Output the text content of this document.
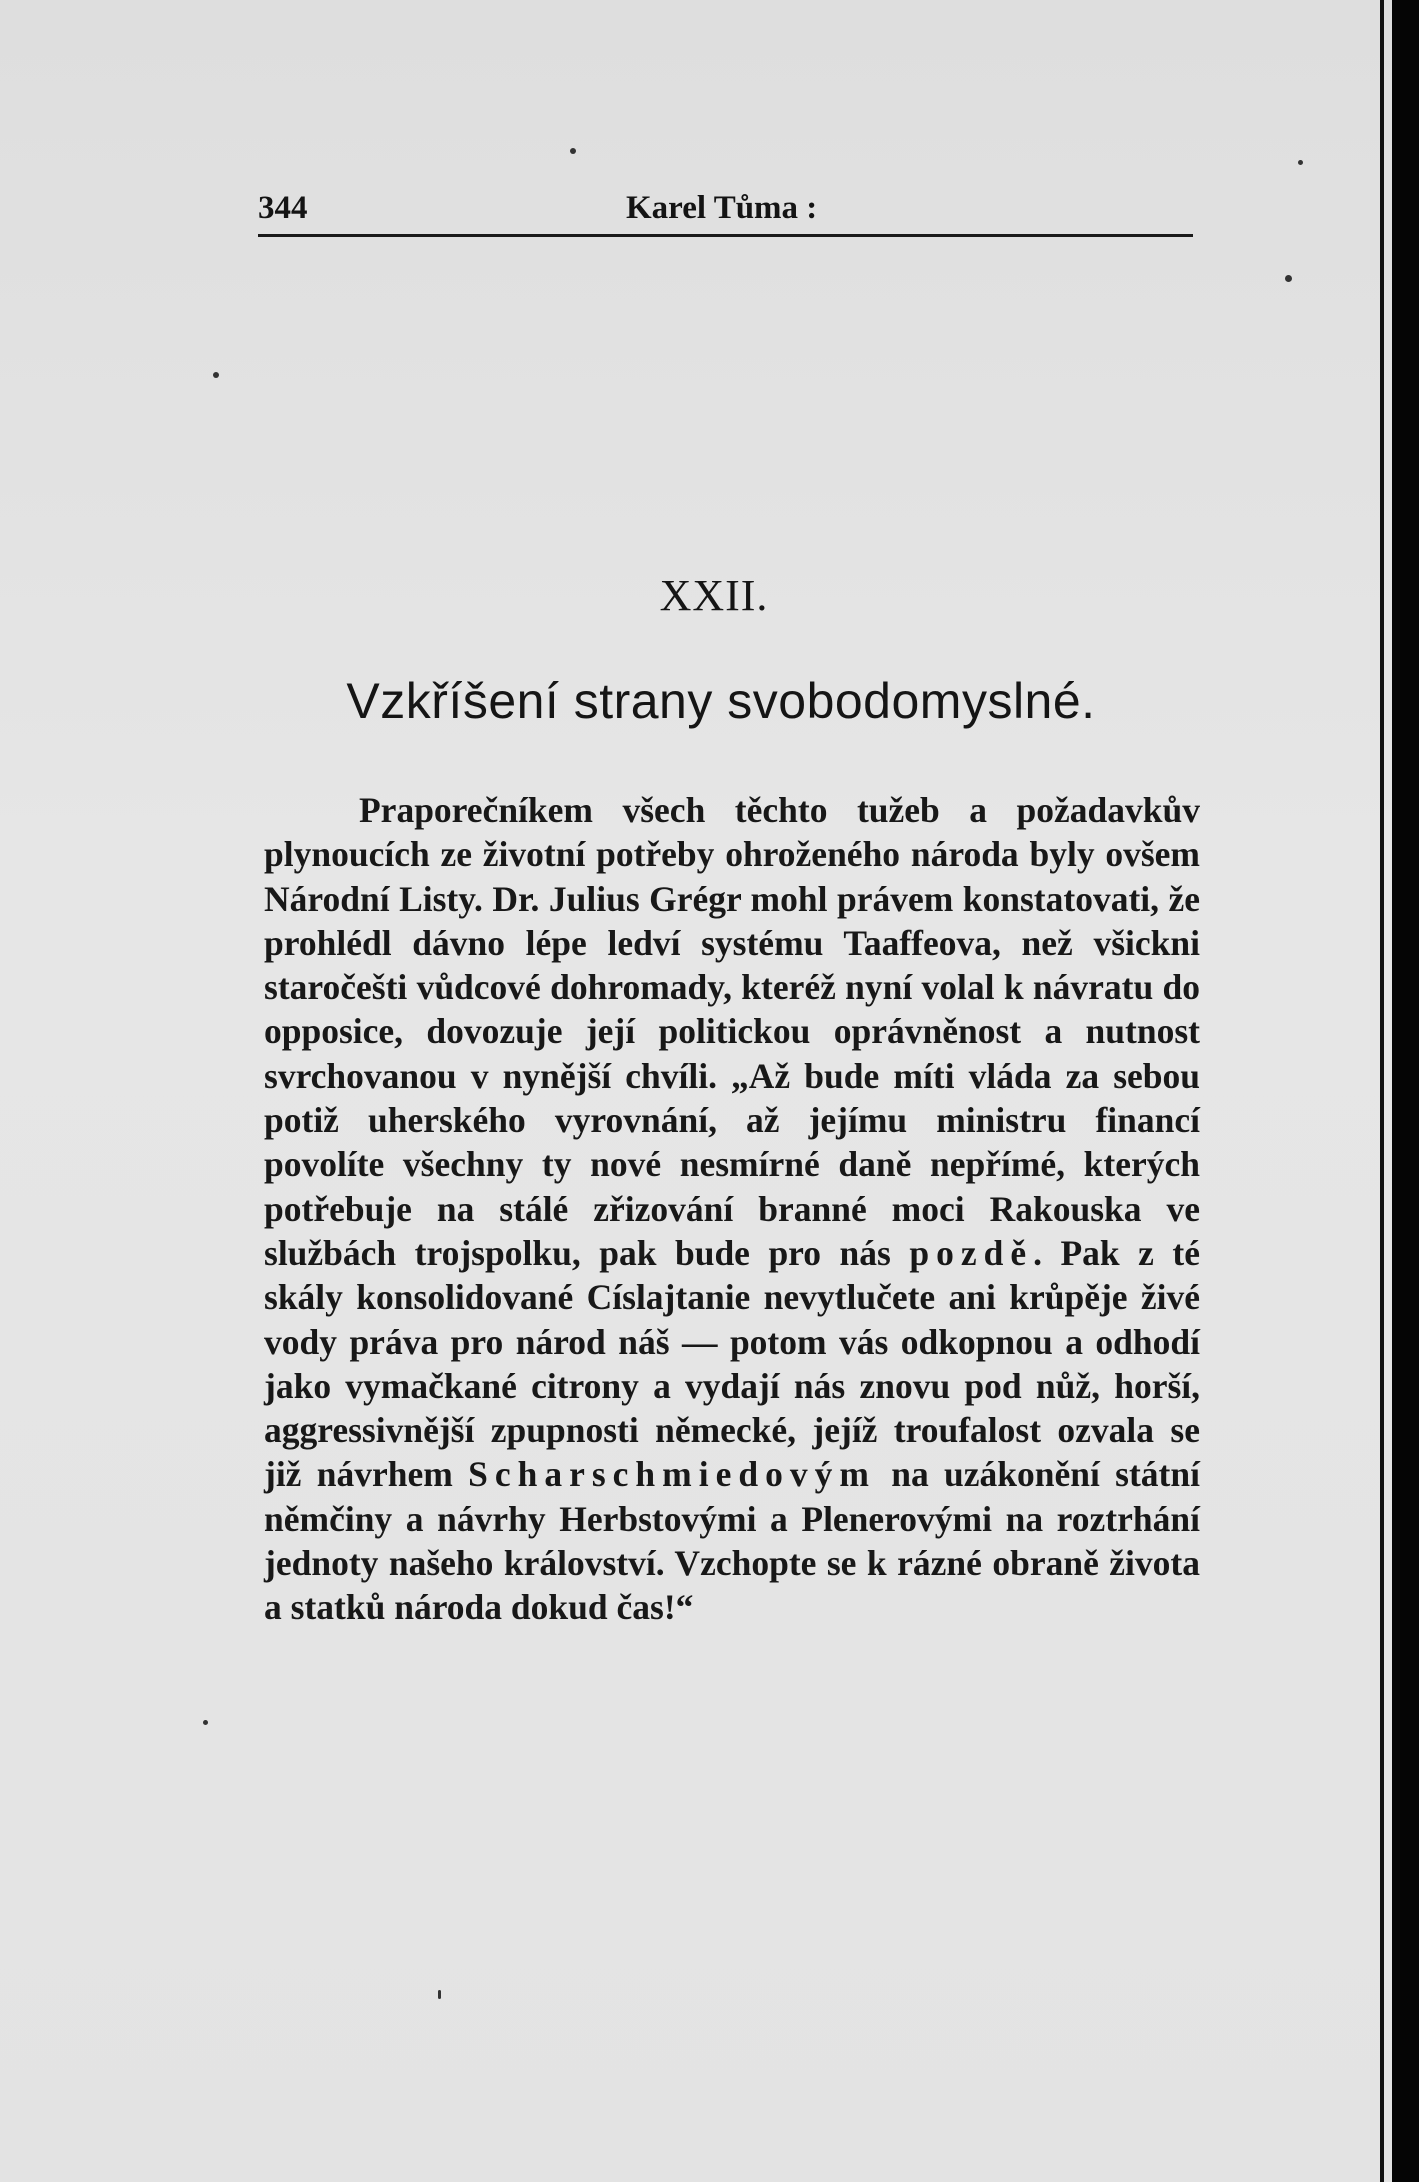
344	Karel Tůma :
XXII.
Vzkříšení strany svobodomyslné.
Praporečníkem všech těchto tužeb a požadavkův plynoucích ze životní potřeby ohroženého národa byly ovšem Národní Listy. Dr. Julius Grégr mohl právem konstatovati, že prohlédl dávno lépe ledví systému Taaffeova, než všickni staročešti vůdcové dohromady, kteréž nyní volal k návratu do opposice, dovozuje její politickou oprávněnost a nutnost svrchovanou v nynější chvíli. „Až bude míti vláda za sebou potiž uherského vyrovnání, až jejímu ministru financí povolíte všechny ty nové nesmírné daně nepřímé, kterých potřebuje na stálé zřizování branné moci Rakouska ve službách trojspolku, pak bude pro nás pozdě. Pak z té skály konsolidované Císlajtanie nevytlučete ani krůpěje živé vody práva pro národ náš — potom vás odkopnou a odhodí jako vymačkané citrony a vydají nás znovu pod nůž, horší, aggressivnější zpupnosti německé, jejíž troufalost ozvala se již návrhem Scharschmiedovým na uzákonění státní němčiny a návrhy Herbstovými a Plenerovými na roztrhání jednoty našeho království. Vzchopte se k rázné obraně života a statků národa dokud čas!“
